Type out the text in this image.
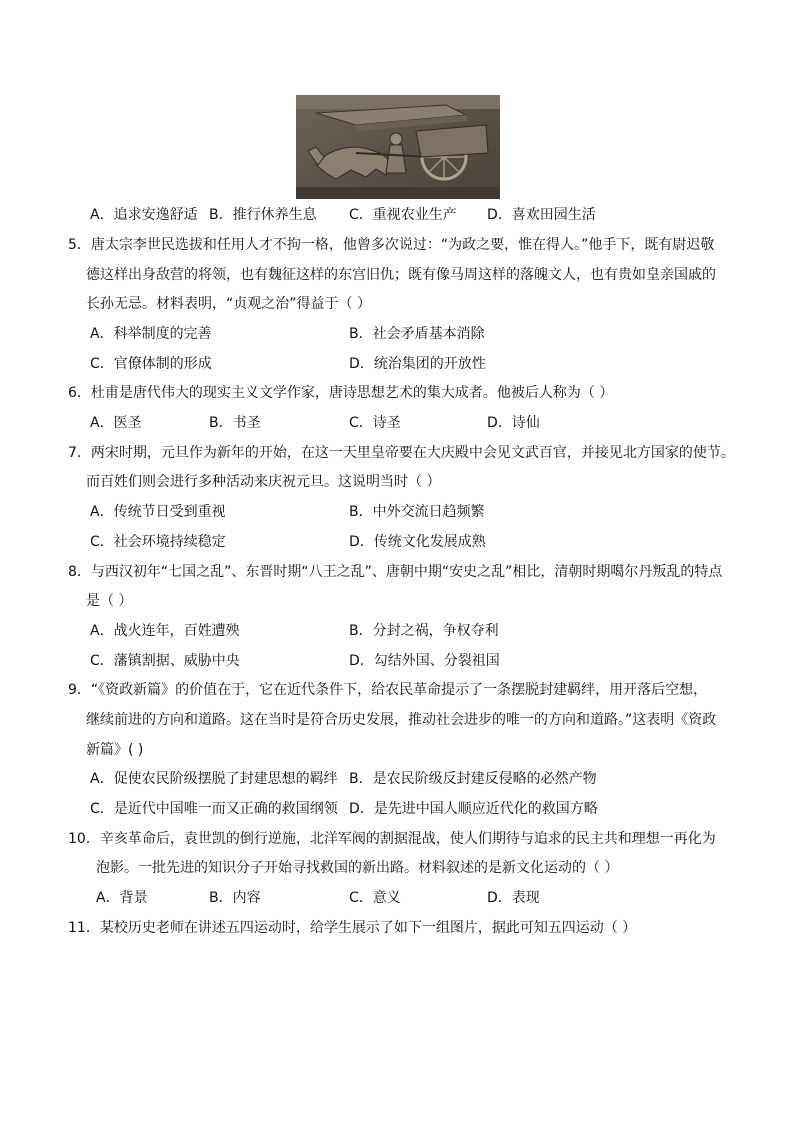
A．追求安逸舒适 B．推行休养生息 C．重视农业生产 D．喜欢田园生活
5．唐太宗李世民选拔和任用人才不拘一格，他曾多次说过：“为政之要，惟在得人。”他手下，既有尉迟敬
德这样出身敌营的将领，也有魏征这样的东宫旧仇；既有像马周这样的落魄文人，也有贵如皇亲国戚的
长孙无忌。材料表明，“贞观之治”得益于（ ）
A．科举制度的完善	B．社会矛盾基本消除
C．官僚体制的形成	D．统治集团的开放性
6．杜甫是唐代伟大的现实主义文学作家，唐诗思想艺术的集大成者。他被后人称为（ ）
A．医圣	B．书圣	C．诗圣	D．诗仙
7．两宋时期，元旦作为新年的开始，在这一天里皇帝要在大庆殿中会见文武百官，并接见北方国家的使节。
而百姓们则会进行多种活动来庆祝元旦。这说明当时（ ）
A．传统节日受到重视	B．中外交流日趋频繁
C．社会环境持续稳定	D．传统文化发展成熟
8．与西汉初年“七国之乱”、东晋时期“八王之乱”、唐朝中期“安史之乱”相比，清朝时期噶尔丹叛乱的特点
是（ ）
A．战火连年，百姓遭殃	B．分封之祸，争权夺利
C．藩镇割据、威胁中央	D．勾结外国、分裂祖国
9．“《资政新篇》的价值在于，它在近代条件下，给农民革命提示了一条摆脱封建羁绊，用开落后空想，
继续前进的方向和道路。这在当时是符合历史发展，推动社会进步的唯一的方向和道路。”这表明《资政
新篇》( )
A．促使农民阶级摆脱了封建思想的羁绊 B．是农民阶级反封建反侵略的必然产物
C．是近代中国唯一而又正确的救国纲领 D．是先进中国人顺应近代化的救国方略
10．辛亥革命后，袁世凯的倒行逆施，北洋军阀的割据混战，使人们期待与追求的民主共和理想一再化为
泡影。一批先进的知识分子开始寻找救国的新出路。材料叙述的是新文化运动的（ ）
A．背景	B．内容	C．意义	D．表现
11．某校历史老师在讲述五四运动时，给学生展示了如下一组图片，据此可知五四运动（ ）
